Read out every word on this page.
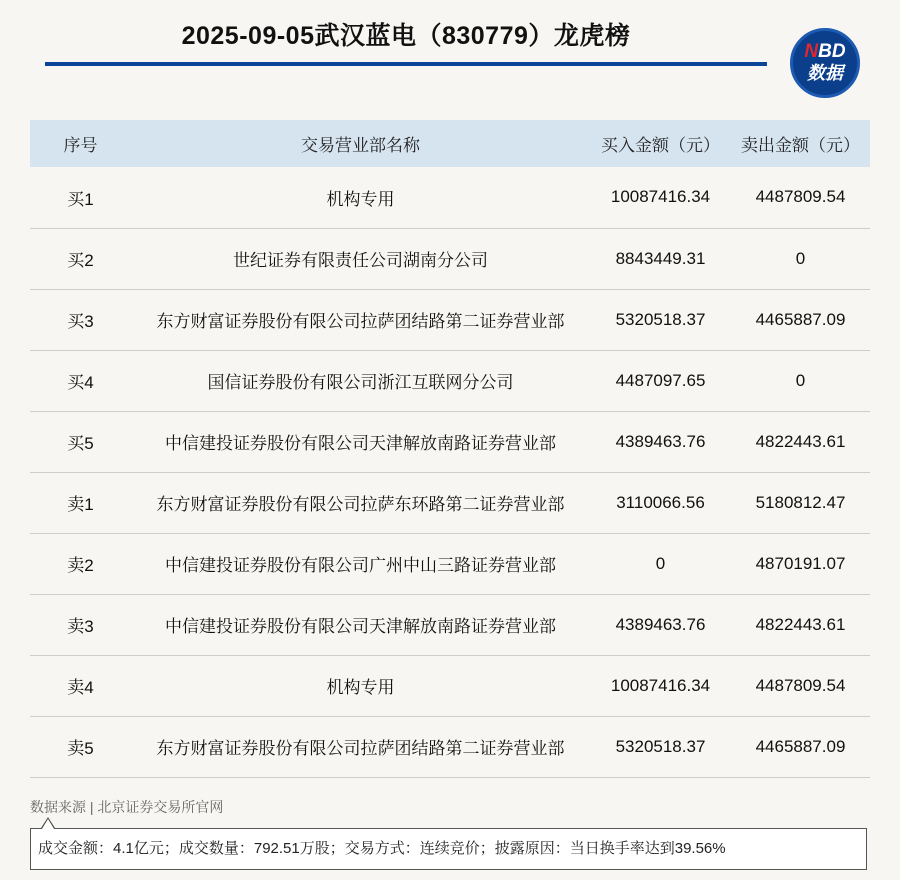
2025-09-05武汉蓝电（830779）龙虎榜
NBD
数据
序号	交易营业部名称	买入金额（元）	卖出金额（元）
买1	机构专用	10087416.34	4487809.54
买2	世纪证券有限责任公司湖南分公司	8843449.31	0
买3	东方财富证券股份有限公司拉萨团结路第二证券营业部	5320518.37	4465887.09
买4	国信证券股份有限公司浙江互联网分公司	4487097.65	0
买5	中信建投证券股份有限公司天津解放南路证券营业部	4389463.76	4822443.61
卖1	东方财富证券股份有限公司拉萨东环路第二证券营业部	3110066.56	5180812.47
卖2	中信建投证券股份有限公司广州中山三路证券营业部	0	4870191.07
卖3	中信建投证券股份有限公司天津解放南路证券营业部	4389463.76	4822443.61
卖4	机构专用	10087416.34	4487809.54
卖5	东方财富证券股份有限公司拉萨团结路第二证券营业部	5320518.37	4465887.09
数据来源 | 北京证券交易所官网
成交金额：4.1亿元；成交数量：792.51万股；交易方式：连续竞价；披露原因：当日换手率达到39.56%
